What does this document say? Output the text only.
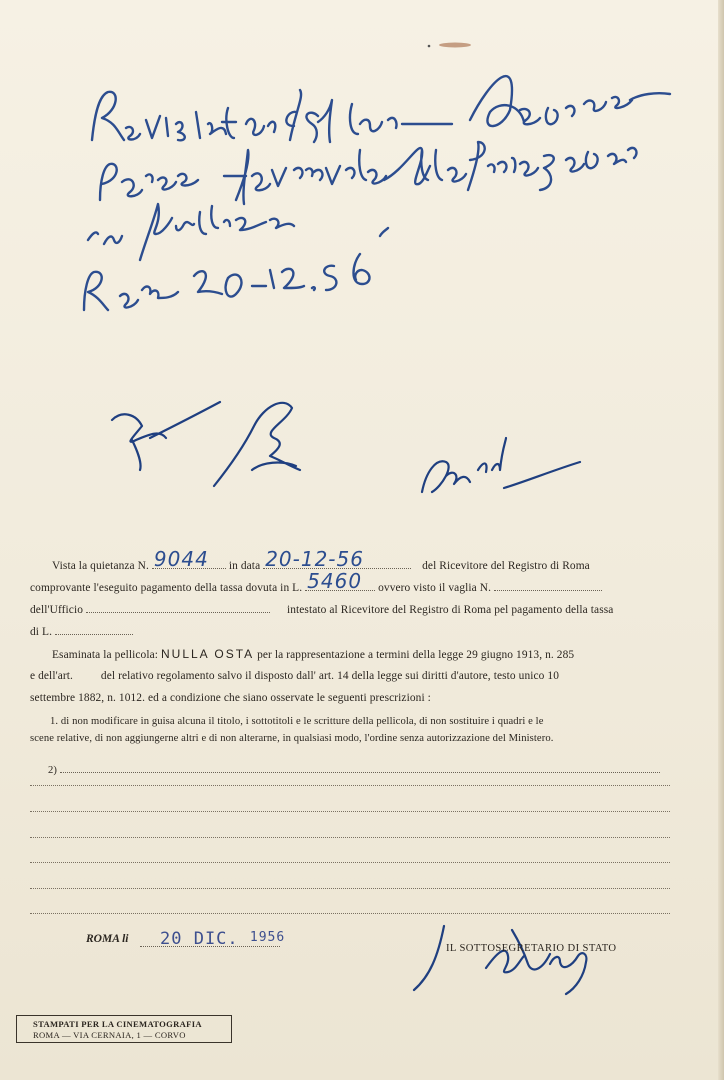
Vista la quietanza N. 9044 in data 20-12-56	del Ricevitore del Registro di Roma
comprovante l'eseguito pagamento della tassa dovuta in L. 5460 ovvero visto il vaglia N.
dell'Ufficio	intestato al Ricevitore del Registro di Roma pel pagamento della tassa
di L.
Esaminata la pellicola: NULLA OSTA per la rappresentazione a termini della legge 29 giugno 1913, n. 285
e dell'art. del relativo regolamento salvo il disposto dall' art. 14 della legge sui diritti d'autore, testo unico 10
settembre 1882, n. 1012. ed a condizione che siano osservate le seguenti prescrizioni :
1. di non modificare in guisa alcuna il titolo, i sottotitoli e le scritture della pellicola, di non sostituire i quadri e le
scene relative, di non aggiungerne altri e di non alterarne, in qualsiasi modo, l'ordine senza autorizzazione del Ministero.
2)
ROMA li 20 DIC. 1956
IL SOTTOSEGRETARIO DI STATO
STAMPATI PER LA CINEMATOGRAFIA
ROMA — VIA CERNAIA, 1 — CORVO
